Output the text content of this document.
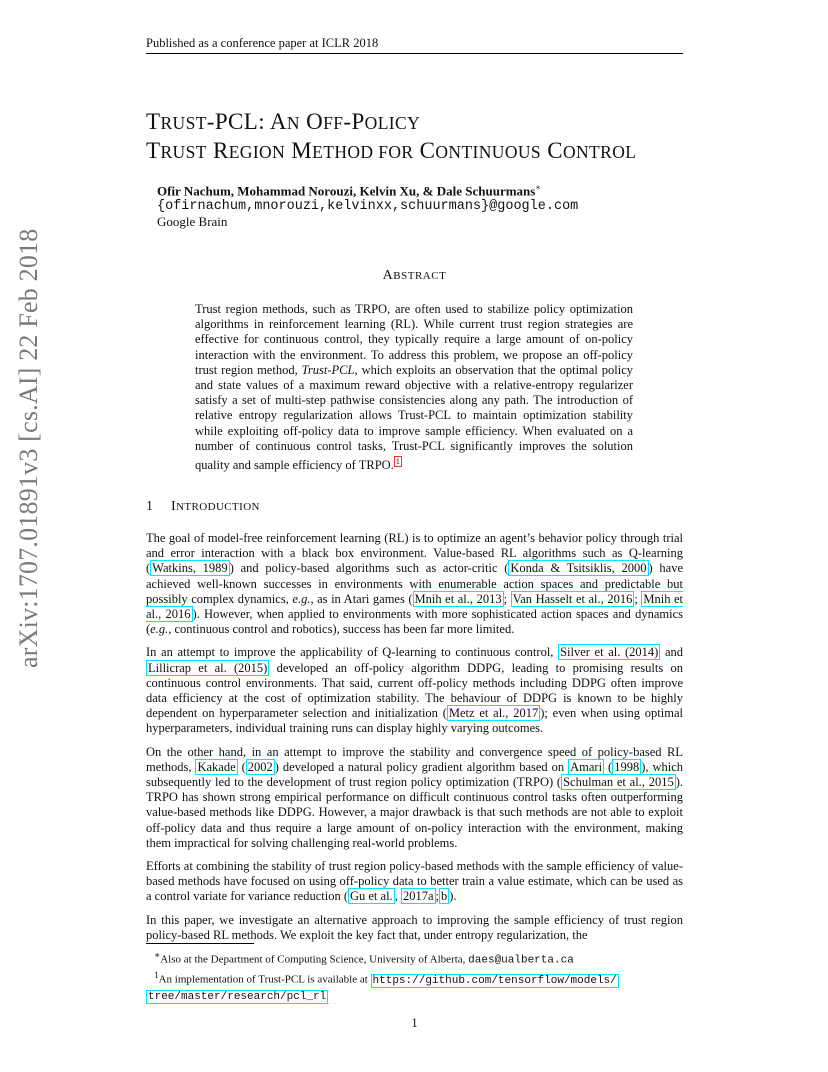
Published as a conference paper at ICLR 2018
arXiv:1707.01891v3 [cs.AI] 22 Feb 2018
TRUST-PCL: AN OFF-POLICY
TRUST REGION METHOD FOR CONTINUOUS CONTROL
Ofir Nachum, Mohammad Norouzi, Kelvin Xu, & Dale Schuurmans∗
{ofirnachum,mnorouzi,kelvinxx,schuurmans}@google.com
Google Brain
ABSTRACT
Trust region methods, such as TRPO, are often used to stabilize policy optimization algorithms in reinforcement learning (RL). While current trust region strategies are effective for continuous control, they typically require a large amount of on-policy interaction with the environment. To address this problem, we propose an off-policy trust region method, Trust-PCL, which exploits an observation that the optimal policy and state values of a maximum reward objective with a relative-entropy regularizer satisfy a set of multi-step pathwise consistencies along any path. The introduction of relative entropy regularization allows Trust-PCL to maintain optimization stability while exploiting off-policy data to improve sample efficiency. When evaluated on a number of continuous control tasks, Trust-PCL significantly improves the solution quality and sample efficiency of TRPO. $^1$
1 INTRODUCTION

The goal of model-free reinforcement learning (RL) is to optimize an agent’s behavior policy through trial and error interaction with a black box environment. Value-based RL algorithms such as Q-learning ( Watkins, 1989 ) and policy-based algorithms such as actor-critic ( Konda & Tsitsiklis, 2000 ) have achieved well-known successes in environments with enumerable action spaces and predictable but possibly complex dynamics, e.g., as in Atari games ( Mnih et al., 2013 ; Van Hasselt et al., 2016 ; Mnih et al., 2016 ). However, when applied to environments with more sophisticated action spaces and dynamics (e.g., continuous control and robotics), success has been far more limited.

In an attempt to improve the applicability of Q-learning to continuous control, Silver et al. (2014) and Lillicrap et al. (2015) developed an off-policy algorithm DDPG, leading to promising results on continuous control environments. That said, current off-policy methods including DDPG often improve data efficiency at the cost of optimization stability. The behaviour of DDPG is known to be highly dependent on hyperparameter selection and initialization ( Metz et al., 2017 ); even when using optimal hyperparameters, individual training runs can display highly varying outcomes.

On the other hand, in an attempt to improve the stability and convergence speed of policy-based RL methods, Kakade ( 2002 ) developed a natural policy gradient algorithm based on Amari ( 1998 ), which subsequently led to the development of trust region policy optimization (TRPO) ( Schulman et al., 2015 ). TRPO has shown strong empirical performance on difficult continuous control tasks often outperforming value-based methods like DDPG. However, a major drawback is that such methods are not able to exploit off-policy data and thus require a large amount of on-policy interaction with the environment, making them impractical for solving challenging real-world problems.

Efforts at combining the stability of trust region policy-based methods with the sample efficiency of value-based methods have focused on using off-policy data to better train a value estimate, which can be used as a control variate for variance reduction ( Gu et al. , 2017a ; b ).

In this paper, we investigate an alternative approach to improving the sample efficiency of trust region policy-based RL methods. We exploit the key fact that, under entropy regularization, the

∗Also at the Department of Computing Science, University of Alberta, daes@ualberta.ca
$^1$An implementation of Trust-PCL is available at https://github.com/tensorflow/models/
tree/master/research/pcl_rl
1
